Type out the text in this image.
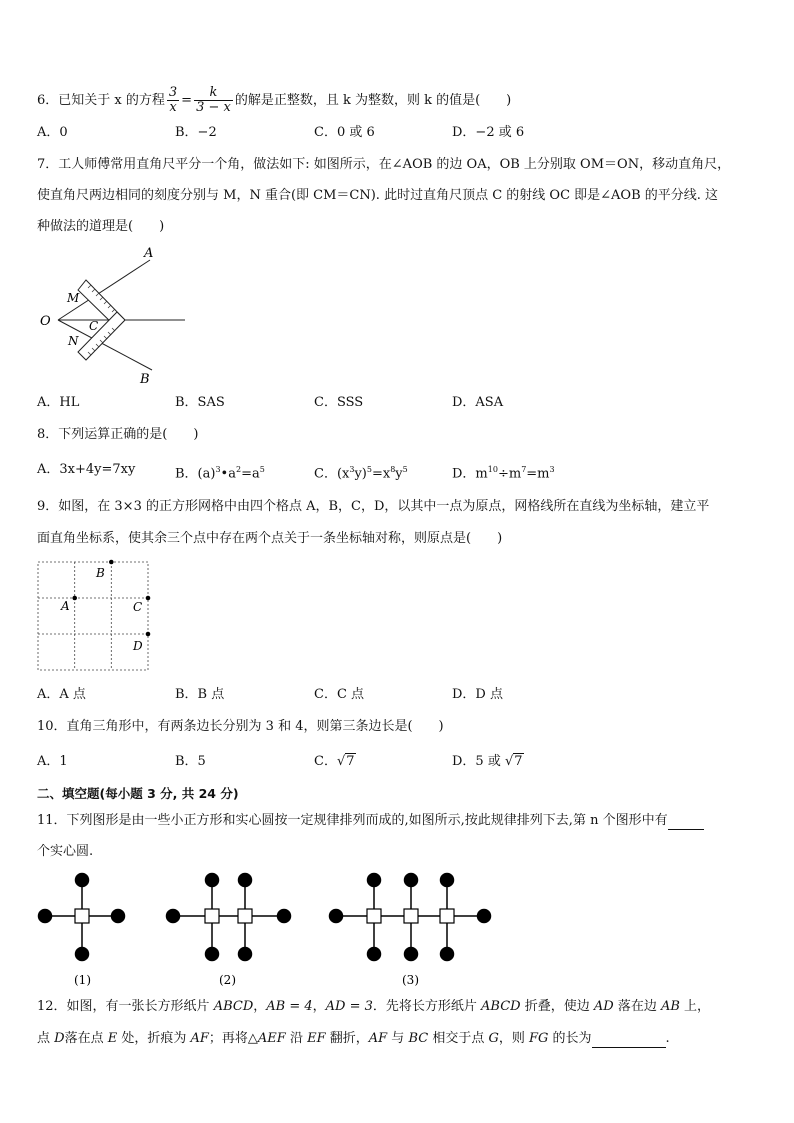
6．已知关于 x 的方程 $\frac{3}{x} = \frac{k}{3 - x}$ 的解是正整数，且 k 为整数，则 k 的值是(　　)
A．0	B．−2	C．0 或 6	D．−2 或 6
7．工人师傅常用直角尺平分一个角，做法如下: 如图所示，在∠AOB 的边 OA，OB 上分别取 OM＝ON，移动直角尺，
使直角尺两边相同的刻度分别与 M，N 重合(即 CM＝CN). 此时过直角尺顶点 C 的射线 OC 即是∠AOB 的平分线. 这
种做法的道理是(　　)
A
M
O	C
N
B
A．HL	B．SAS	C．SSS	D．ASA
8．下列运算正确的是(　　)
A．3x+4y=7xy	B．$(a)^3•a^2=a^5$	C．$(x^3y)^5=x^8y^5$	D．$m^{10}\div m^7=m^3$
9．如图，在 3×3 的正方形网格中由四个格点 A，B，C，D，以其中一点为原点，网格线所在直线为坐标轴，建立平
面直角坐标系，使其余三个点中存在两个点关于一条坐标轴对称，则原点是(　　)
B
A	C
D
A．A 点	B．B 点	C．C 点	D．D 点
10．直角三角形中，有两条边长分别为 3 和 4，则第三条边长是(　　)
A．1	B．5	C．√7	D．5 或 √7
二、填空题(每小题 3 分, 共 24 分)
11．下列图形是由一些小正方形和实心圆按一定规律排列而成的,如图所示,按此规律排列下去,第 n 个图形中有
个实心圆.
(1)	(2)	(3)
12．如图，有一张长方形纸片 ABCD，AB = 4，AD = 3．先将长方形纸片 ABCD 折叠，使边 AD 落在边 AB 上，
点 D落在点 E 处，折痕为 AF；再将△AEF 沿 EF 翻折，AF 与 BC 相交于点 G，则 FG 的长为	.
